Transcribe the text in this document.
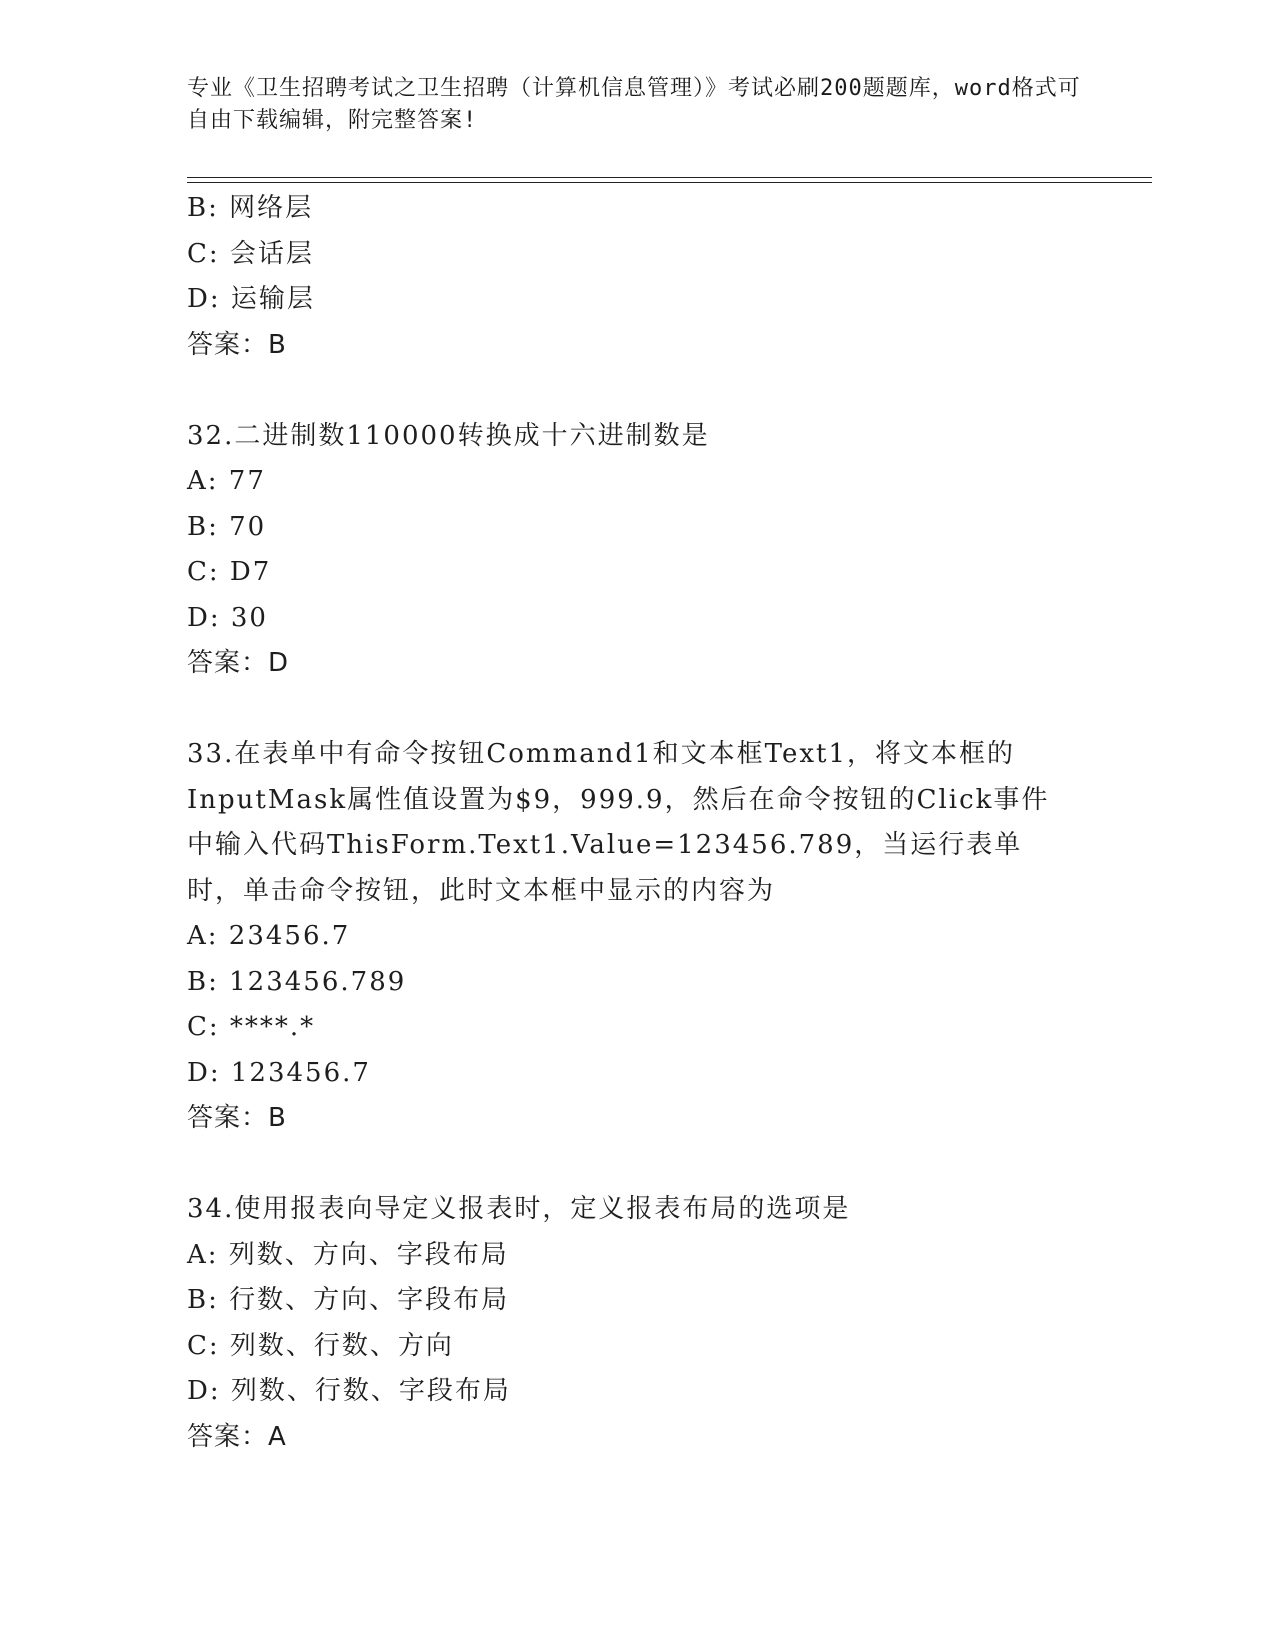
专业《卫生招聘考试之卫生招聘（计算机信息管理）》考试必刷200题题库，word格式可自由下载编辑，附完整答案!
B: 网络层
C: 会话层
D: 运输层
答案：B
32.二进制数110000转换成十六进制数是
A: 77
B: 70
C: D7
D: 30
答案：D
33.在表单中有命令按钮Command1和文本框Text1，将文本框的InputMask属性值设置为$9，999.9，然后在命令按钮的Click事件中输入代码ThisForm.Text1.Value=123456.789，当运行表单时，单击命令按钮，此时文本框中显示的内容为
A: 23456.7
B: 123456.789
C: ****.*
D: 123456.7
答案：B
34.使用报表向导定义报表时，定义报表布局的选项是
A: 列数、方向、字段布局
B: 行数、方向、字段布局
C: 列数、行数、方向
D: 列数、行数、字段布局
答案：A
